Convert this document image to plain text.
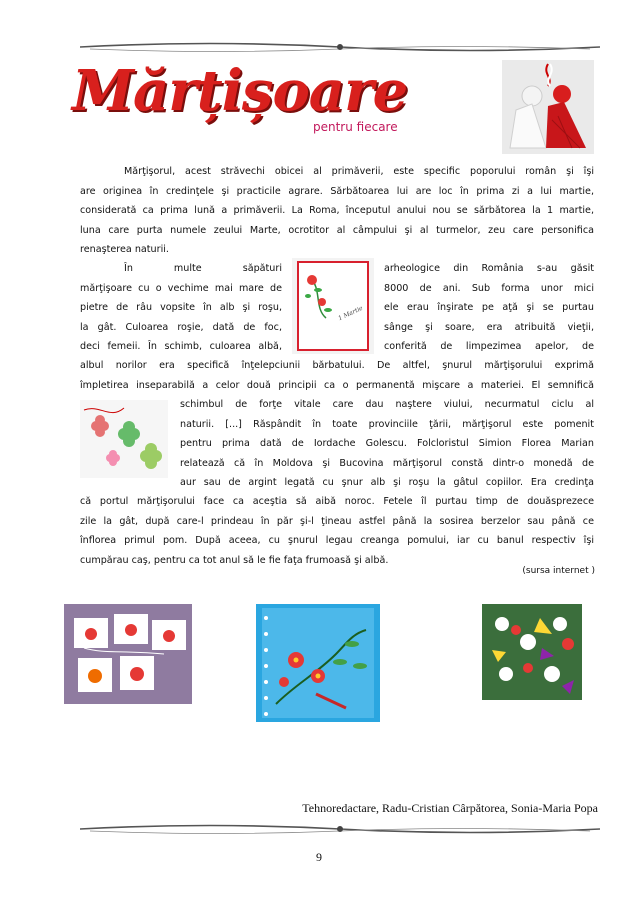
Mărțișoare
pentru fiecare
Mărţişorul, acest străvechi obicei al primăverii, este specific poporului român şi îşi
are originea în credinţele şi practicile agrare. Sărbătoarea lui are loc în prima zi a lui martie,
considerată ca prima lună a primăverii. La Roma, începutul anului nou se sărbătorea la 1 martie,
luna care purta numele zeului Marte, ocrotitor al câmpului şi al turmelor, zeu care personifica
renaşterea naturii.
În multe săpături
mărţişoare cu o vechime mai mare de
pietre de râu vopsite în alb şi roşu,
la gât. Culoarea roşie, dată de foc,
deci femeii. În schimb, culoarea albă,
1 Martie
arheologice din România s-au găsit
8000 de ani. Sub forma unor mici
ele erau înşirate pe aţă şi se purtau
sânge şi soare, era atribuită vieţii,
conferită de limpezimea apelor, de
albul norilor era specifică înţelepciunii bărbatului. De altfel, şnurul mărţişorului exprimă
împletirea inseparabilă a celor două principii ca o permanentă mişcare a materiei. El semnifică
schimbul de forţe vitale care dau naştere viului, necurmatul ciclu al
naturii. [...] Răspândit în toate provinciile ţării, mărţişorul este pomenit
pentru prima dată de Iordache Golescu. Folcloristul Simion Florea Marian
relatează că în Moldova şi Bucovina mărţişorul constă dintr-o monedă de
aur sau de argint legată cu şnur alb şi roşu la gâtul copiilor. Era credinţa
că portul mărţişorului face ca aceştia să aibă noroc. Fetele îl purtau timp de douăsprezece
zile la gât, după care-l prindeau în păr şi-l ţineau astfel până la sosirea berzelor sau până ce
înflorea primul pom. După aceea, cu şnurul legau creanga pomului, iar cu banul respectiv îşi
cumpărau caş, pentru ca tot anul să le fie faţa frumoasă şi albă.
(sursa internet )
Tehnoredactare, Radu-Cristian Cârpătorea, Sonia-Maria Popa
9
